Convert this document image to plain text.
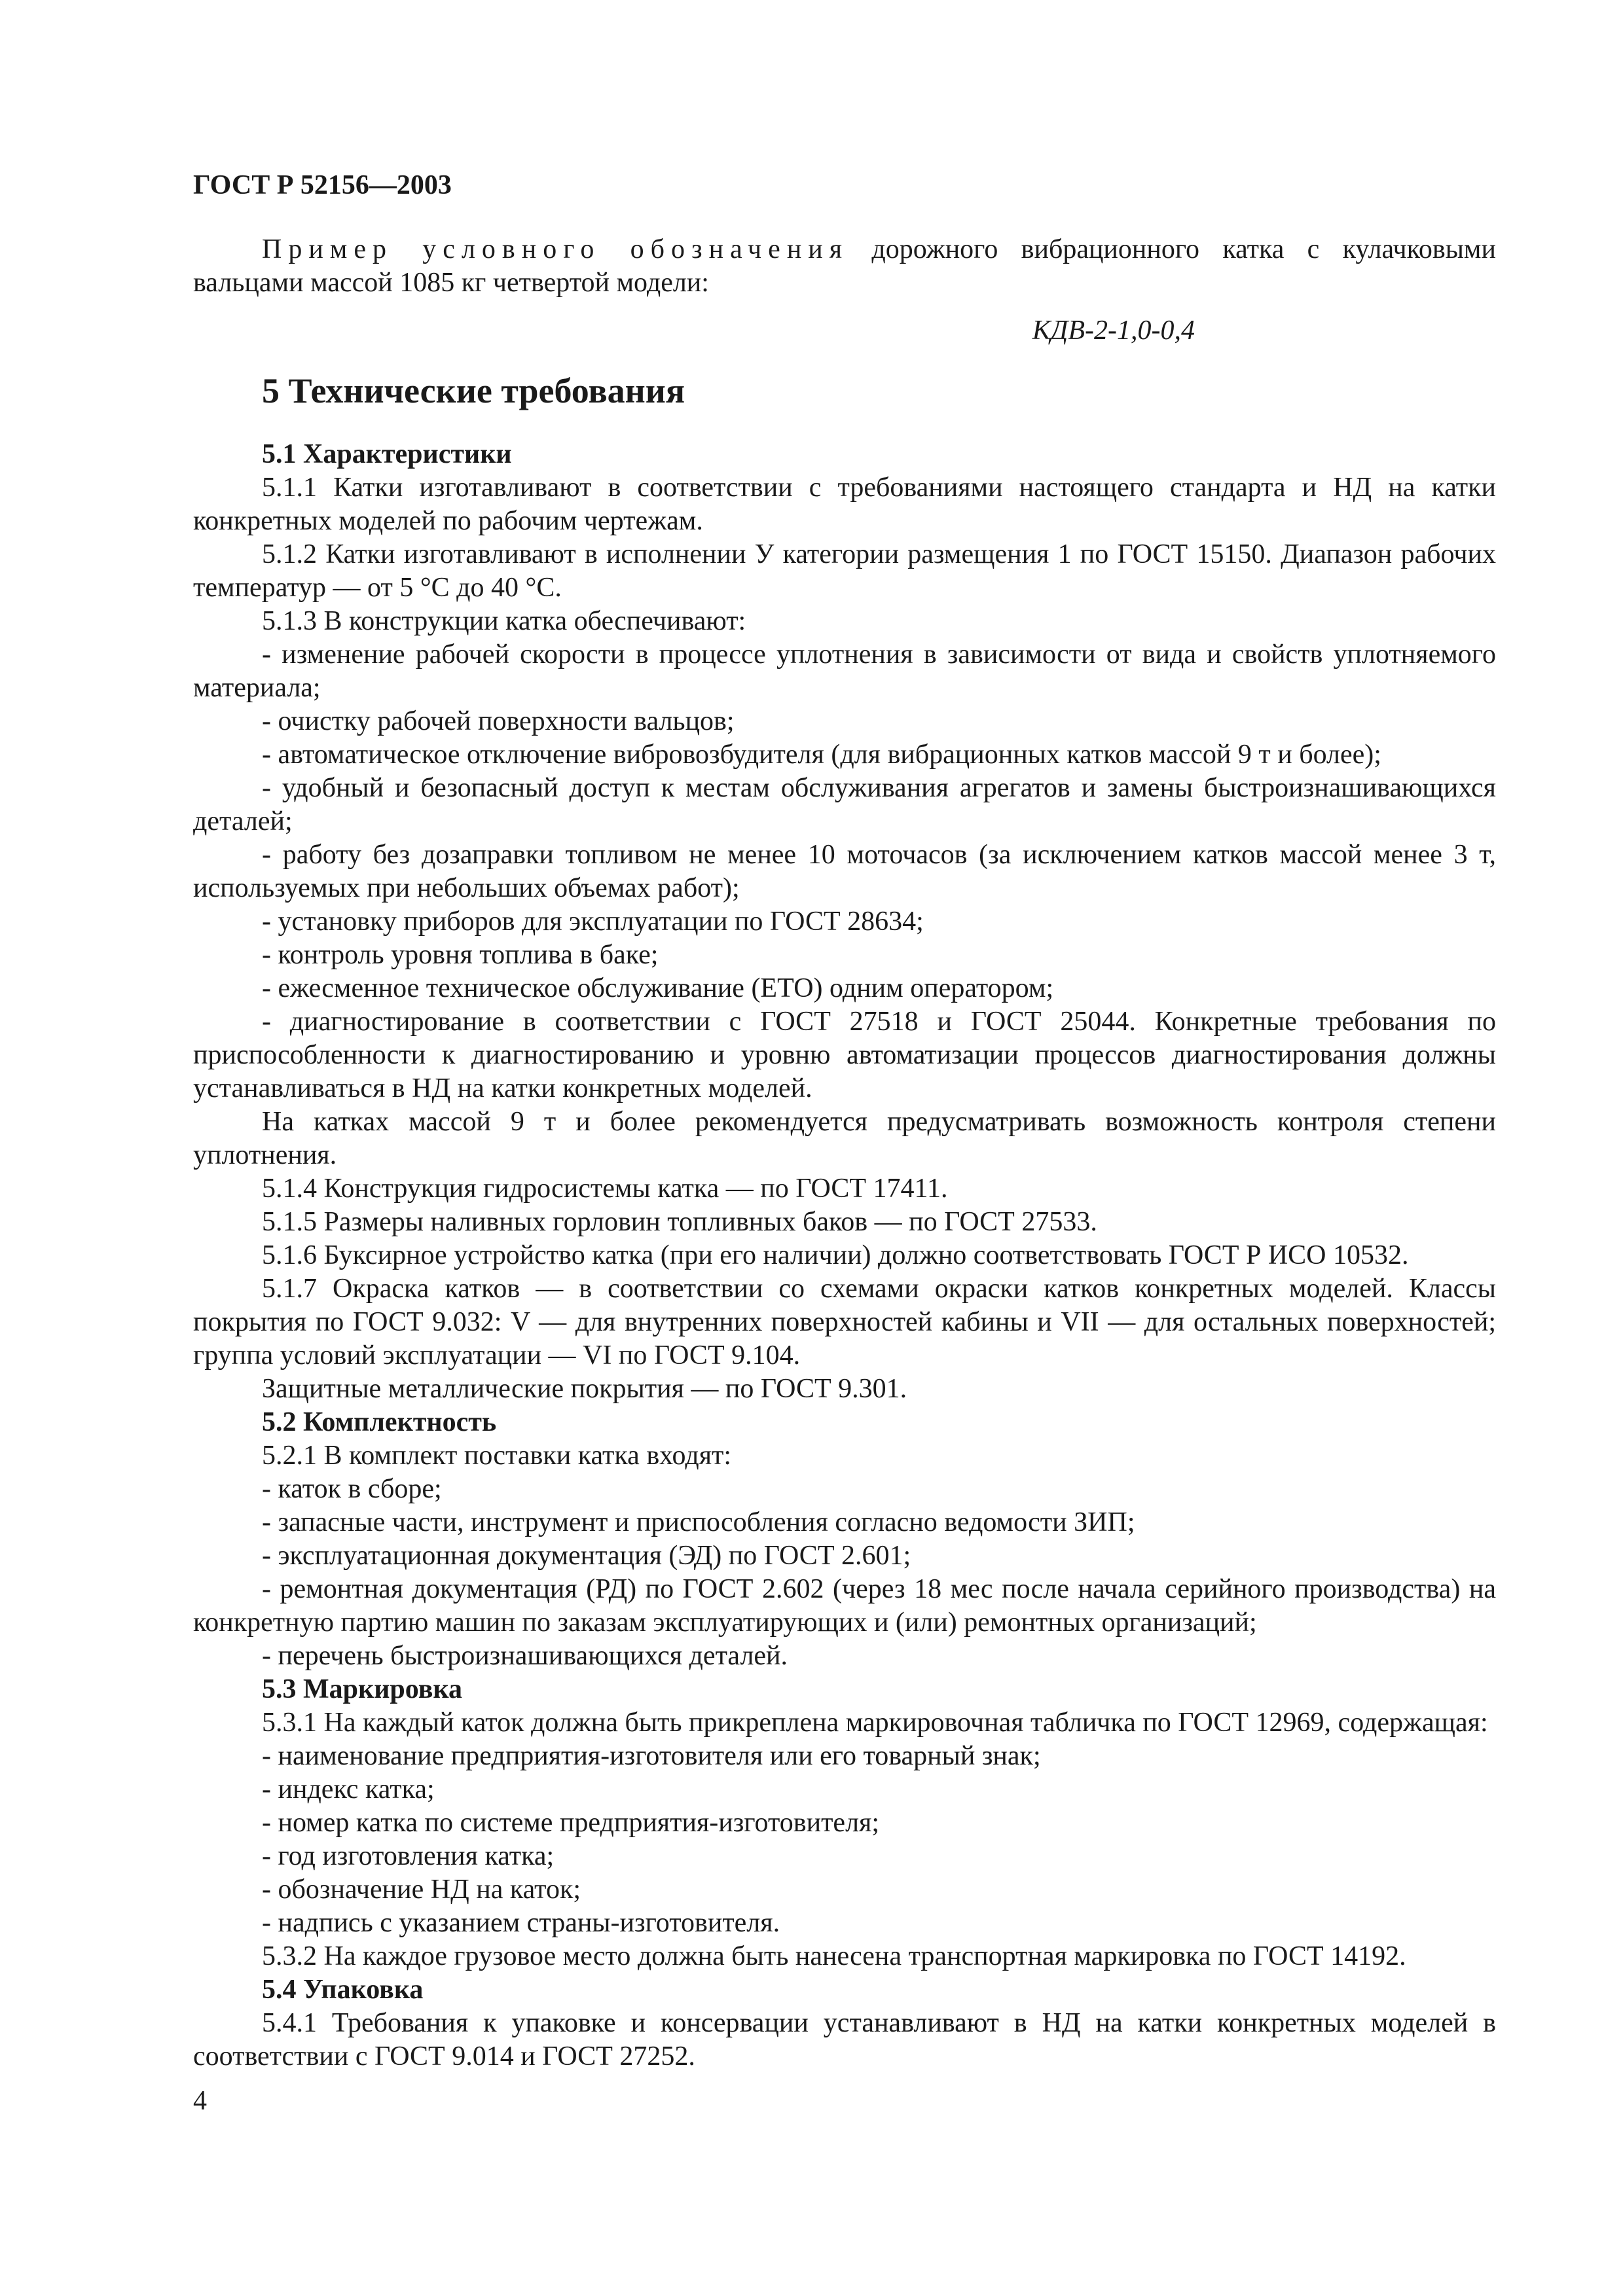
ГОСТ Р 52156—2003

Пример условного обозначения дорожного вибрационного катка с кулачковыми вальцами массой 1085 кг четвертой модели:

КДВ-2-1,0-0,4

5 Технические требования

5.1 Характеристики

5.1.1 Катки изготавливают в соответствии с требованиями настоящего стандарта и НД на катки конкретных моделей по рабочим чертежам.

5.1.2 Катки изготавливают в исполнении У категории размещения 1 по ГОСТ 15150. Диапазон рабочих температур — от 5 °С до 40 °С.

5.1.3 В конструкции катка обеспечивают:

- изменение рабочей скорости в процессе уплотнения в зависимости от вида и свойств уплотняемого материала;

- очистку рабочей поверхности вальцов;

- автоматическое отключение вибровозбудителя (для вибрационных катков массой 9 т и более);

- удобный и безопасный доступ к местам обслуживания агрегатов и замены быстроизнашивающихся деталей;

- работу без дозаправки топливом не менее 10 моточасов (за исключением катков массой менее 3 т, используемых при небольших объемах работ);

- установку приборов для эксплуатации по ГОСТ 28634;

- контроль уровня топлива в баке;

- ежесменное техническое обслуживание (ЕТО) одним оператором;

- диагностирование в соответствии с ГОСТ 27518 и ГОСТ 25044. Конкретные требования по приспособленности к диагностированию и уровню автоматизации процессов диагностирования должны устанавливаться в НД на катки конкретных моделей.

На катках массой 9 т и более рекомендуется предусматривать возможность контроля степени уплотнения.

5.1.4 Конструкция гидросистемы катка — по ГОСТ 17411.

5.1.5 Размеры наливных горловин топливных баков — по ГОСТ 27533.

5.1.6 Буксирное устройство катка (при его наличии) должно соответствовать ГОСТ Р ИСО 10532.

5.1.7 Окраска катков — в соответствии со схемами окраски катков конкретных моделей. Классы покрытия по ГОСТ 9.032: V — для внутренних поверхностей кабины и VII — для остальных поверхностей; группа условий эксплуатации — VI по ГОСТ 9.104.

Защитные металлические покрытия — по ГОСТ 9.301.

5.2 Комплектность

5.2.1 В комплект поставки катка входят:

- каток в сборе;

- запасные части, инструмент и приспособления согласно ведомости ЗИП;

- эксплуатационная документация (ЭД) по ГОСТ 2.601;

- ремонтная документация (РД) по ГОСТ 2.602 (через 18 мес после начала серийного производства) на конкретную партию машин по заказам эксплуатирующих и (или) ремонтных организаций;

- перечень быстроизнашивающихся деталей.

5.3 Маркировка

5.3.1 На каждый каток должна быть прикреплена маркировочная табличка по ГОСТ 12969, содержащая:

- наименование предприятия-изготовителя или его товарный знак;

- индекс катка;

- номер катка по системе предприятия-изготовителя;

- год изготовления катка;

- обозначение НД на каток;

- надпись с указанием страны-изготовителя.

5.3.2 На каждое грузовое место должна быть нанесена транспортная маркировка по ГОСТ 14192.

5.4 Упаковка

5.4.1 Требования к упаковке и консервации устанавливают в НД на катки конкретных моделей в соответствии с ГОСТ 9.014 и ГОСТ 27252.

4
